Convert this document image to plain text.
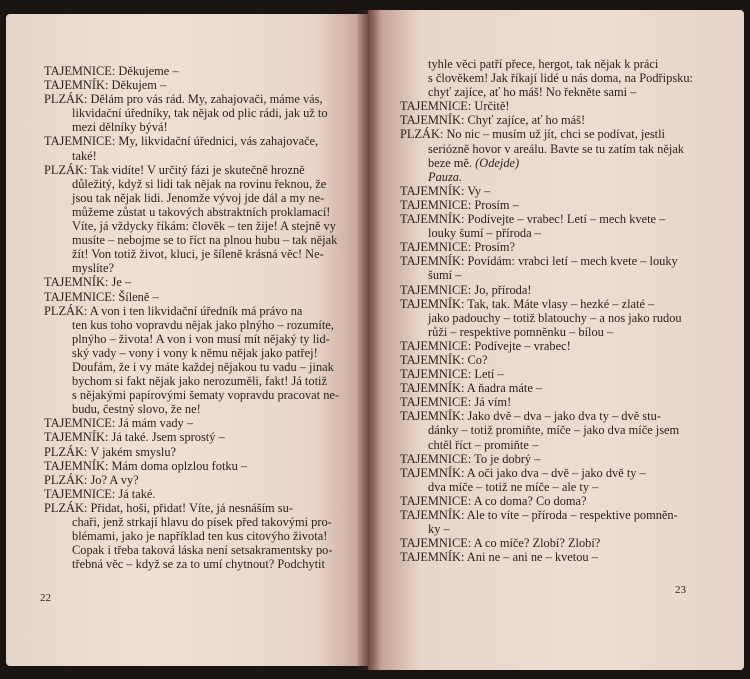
TAJEMNICE: Děkujeme –
TAJEMNÍK: Děkujem –
PLZÁK: Dělám pro vás rád. My, zahajovači, máme vás,
likvidační úředníky, tak nějak od plic rádi, jak už to
mezi dělníky bývá!
TAJEMNICE: My, likvidační úřednici, vás zahajovače,
také!
PLZÁK: Tak vidíte! V určitý fázi je skutečně hrozně
důležitý, když si lidi tak nějak na rovinu řeknou, že
jsou tak nějak lidi. Jenomže vývoj jde dál a my ne-
můžeme zůstat u takových abstraktních proklamací!
Víte, já vždycky říkám: člověk – ten žije! A stejně vy
musíte – nebojme se to říct na plnou hubu – tak nějak
žít! Von totiž život, kluci, je šíleně krásná věc! Ne-
myslíte?
TAJEMNÍK: Je –
TAJEMNICE: Šíleně –
PLZÁK: A von i ten likvidační úředník má právo na
ten kus toho vopravdu nějak jako plnýho – rozumíte,
plnýho – života! A von i von musí mít nějaký ty lid-
ský vady – vony i vony k němu nějak jako patřej!
Doufám, že i vy máte každej nějakou tu vadu – jinak
bychom si fakt nějak jako nerozuměli, fakt! Já totiž
s nějakými papírovými šematy vopravdu pracovat ne-
budu, čestný slovo, že ne!
TAJEMNICE: Já mám vady –
TAJEMNÍK: Já také. Jsem sprostý –
PLZÁK: V jakém smyslu?
TAJEMNÍK: Mám doma oplzlou fotku –
PLZÁK: Jo? A vy?
TAJEMNICE: Já také.
PLZÁK: Přidat, hoši, přidat! Víte, já nesnáším su-
chaři, jenž strkají hlavu do písek před takovými pro-
blémami, jako je například ten kus citovýho života!
Copak i třeba taková láska není setsakramentsky po-
třebná věc – když se za to umí chytnout? Podchytit
22
tyhle věci patří přece, hergot, tak nějak k práci
s člověkem! Jak říkají lidé u nás doma, na Podřipsku:
chyť zajíce, ať ho máš! No řekněte sami –
TAJEMNICE: Určitě!
TAJEMNÍK: Chyť zajíce, ať ho máš!
PLZÁK: No nic – musím už jít, chci se podívat, jestli
seriózně hovor v areálu. Bavte se tu zatím tak nějak
beze mě. (Odejde)
Pauza.
TAJEMNÍK: Vy –
TAJEMNICE: Prosím –
TAJEMNÍK: Podívejte – vrabec! Letí – mech kvete –
louky šumí – příroda –
TAJEMNICE: Prosím?
TAJEMNÍK: Povídám: vrabci letí – mech kvete – louky
šumí –
TAJEMNICE: Jo, příroda!
TAJEMNÍK: Tak, tak. Máte vlasy – hezké – zlaté –
jako padouchy – totiž blatouchy – a nos jako rudou
růži – respektive pomněnku – bílou –
TAJEMNICE: Podívejte – vrabec!
TAJEMNÍK: Co?
TAJEMNICE: Letí –
TAJEMNÍK: A ňadra máte –
TAJEMNICE: Já vím!
TAJEMNÍK: Jako dvě – dva – jako dva ty – dvě stu-
dánky – totiž promiňte, míče – jako dva míče jsem
chtěl říct – promiňte –
TAJEMNICE: To je dobrý –
TAJEMNÍK: A oči jako dva – dvě – jako dvě ty –
dva míče – totiž ne míče – ale ty –
TAJEMNICE: A co doma? Co doma?
TAJEMNÍK: Ale to víte – příroda – respektive pomněn-
ky –
TAJEMNICE: A co míče? Zlobí? Zlobí?
TAJEMNÍK: Ani ne – ani ne – kvetou –
23
